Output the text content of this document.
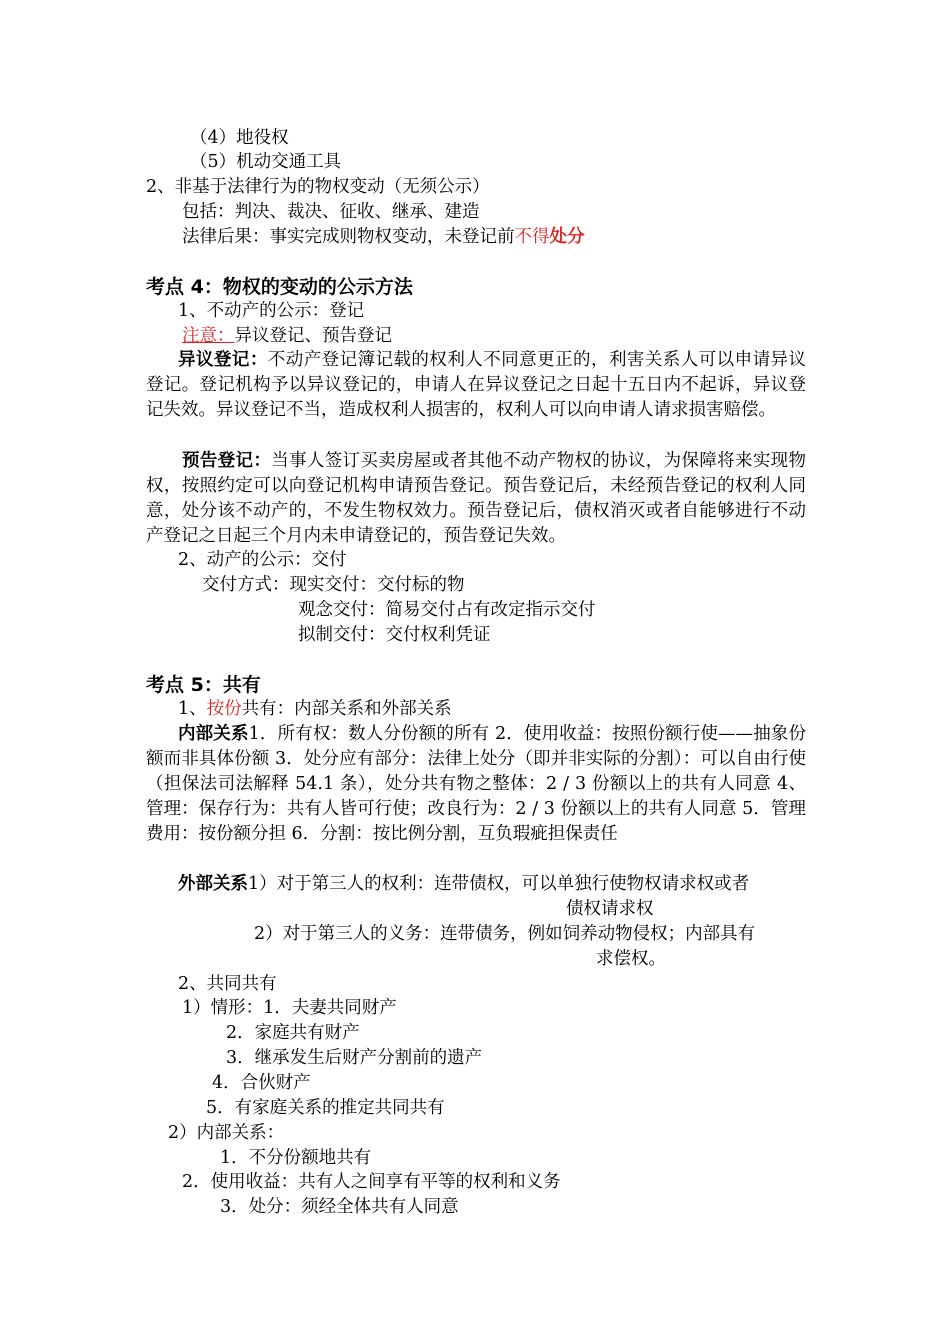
（4）地役权
（5）机动交通工具
2、非基于法律行为的物权变动（无须公示）
包括：判决、裁决、征收、继承、建造
法律后果：事实完成则物权变动，未登记前不得处分
考点 4：物权的变动的公示方法
1、不动产的公示：登记
注意：异议登记、预告登记
异议登记：不动产登记簿记载的权利人不同意更正的，利害关系人可以申请异议登记。登记机构予以异议登记的，申请人在异议登记之日起十五日内不起诉，异议登记失效。异议登记不当，造成权利人损害的，权利人可以向申请人请求损害赔偿。
预告登记：当事人签订买卖房屋或者其他不动产物权的协议，为保障将来实现物权，按照约定可以向登记机构申请预告登记。预告登记后，未经预告登记的权利人同意，处分该不动产的，不发生物权效力。预告登记后，债权消灭或者自能够进行不动产登记之日起三个月内未申请登记的，预告登记失效。
2、动产的公示：交付
交付方式：现实交付：交付标的物
观念交付：简易交付占有改定指示交付
拟制交付：交付权利凭证
考点 5：共有
1、按份共有：内部关系和外部关系
内部关系1．所有权：数人分份额的所有 2．使用收益：按照份额行使——抽象份额而非具体份额 3．处分应有部分：法律上处分（即并非实际的分割）：可以自由行使（担保法司法解释 54.1 条），处分共有物之整体：2 / 3 份额以上的共有人同意 4、管理：保存行为：共有人皆可行使；改良行为：2 / 3 份额以上的共有人同意 5．管理费用：按份额分担 6．分割：按比例分割，互负瑕疵担保责任
外部关系1）对于第三人的权利：连带债权，可以单独行使物权请求权或者
债权请求权
2）对于第三人的义务：连带债务，例如饲养动物侵权；内部具有
求偿权。
2、共同共有
1）情形：1．夫妻共同财产
2．家庭共有财产
3．继承发生后财产分割前的遗产
4．合伙财产
5．有家庭关系的推定共同共有
2）内部关系：
1．不分份额地共有
2．使用收益：共有人之间享有平等的权利和义务
3．处分：须经全体共有人同意
